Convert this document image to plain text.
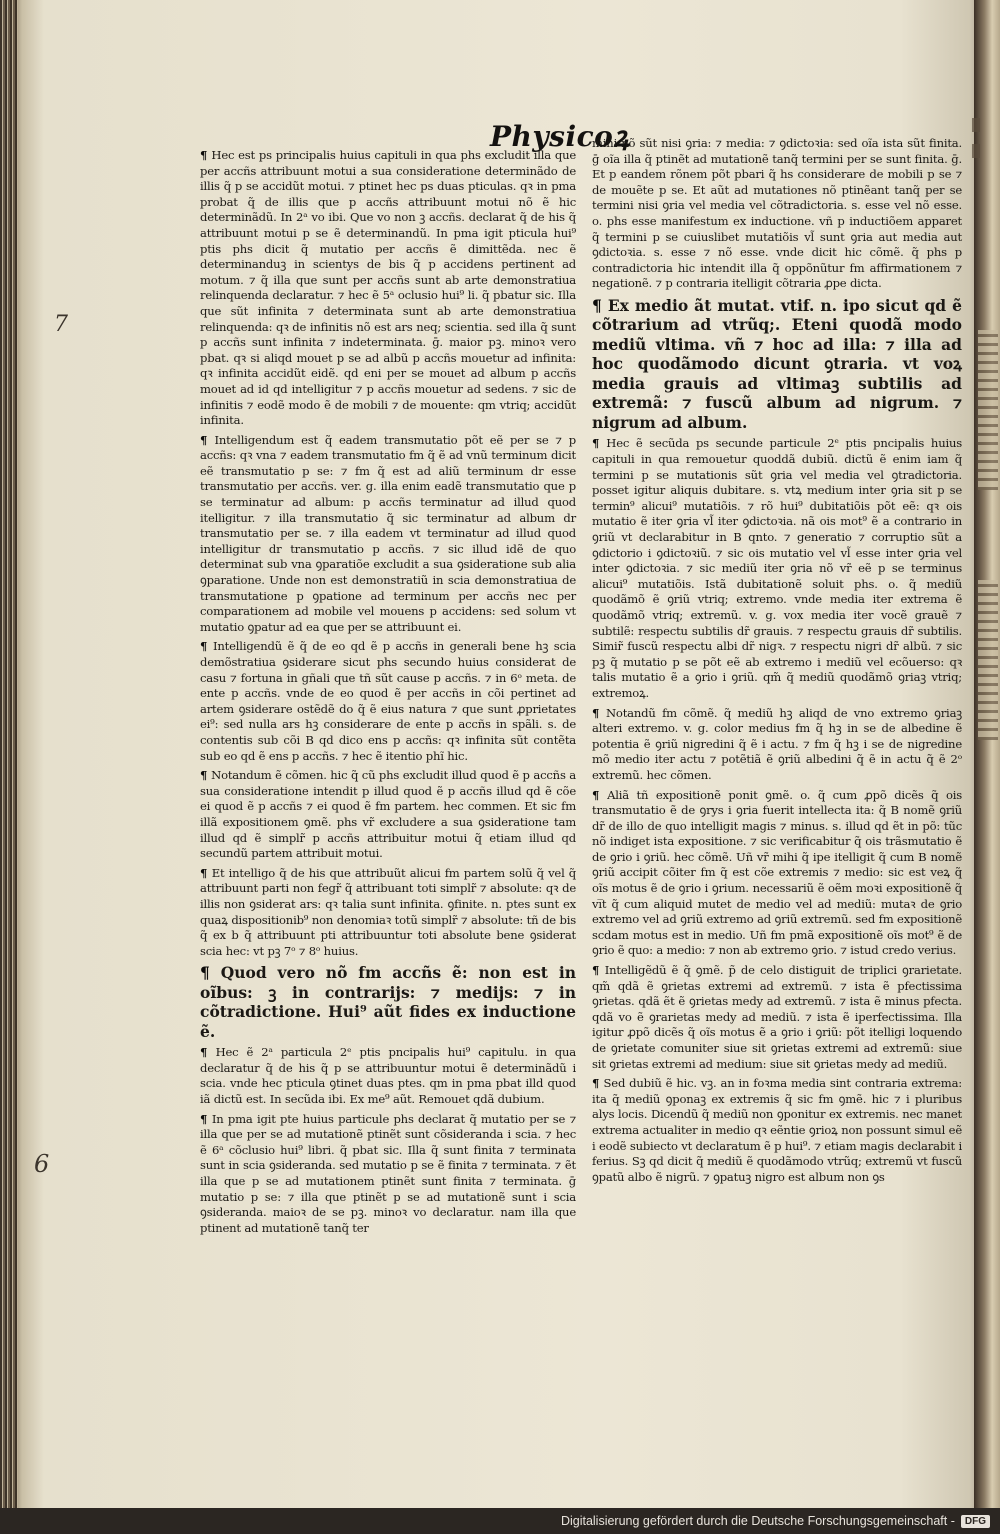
Physicoꝝ
7
6

¶ Hec est ps principalis huius capituli in qua phs excludit illa que per accñs attribuunt motui a sua consideratione determinãdo de illis q̃ p se accidũt motui. ⁊ ptinet hec ps duas pticulas. qꝛ in pma probat q̃ de illis que p accñs attribuunt motui nõ ẽ hic determinãdũ. In 2ᵃ vo ibi. Que vo non ꝫ accñs. declarat q̃ de his q̃ attribuunt motui p se ẽ determinandũ. In pma igit pticula hui⁹ ptis phs dicit q̃ mutatio per accñs ẽ dimittẽda. nec ẽ determinanduꝫ in scientys de bis q̃ p accidens pertinent ad motum. ⁊ q̃ illa que sunt per accñs sunt ab arte demonstratiua relinquenda declaratur. ⁊ hec ẽ 5ᵃ oclusio hui⁹ li. q̃ pbatur sic. Illa que sũt infinita ⁊ determinata sunt ab arte demonstratiua relinquenda: qꝛ de infinitis nõ est ars neq; scientia. sed illa q̃ sunt p accñs sunt infinita ⁊ indeterminata. ḡ. maior pꝫ. minoꝛ vero pbat. qꝛ si aliqd mouet p se ad albũ p accñs mouetur ad infinita: qꝛ infinita accidũt eidẽ. qd eni per se mouet ad album p accñs mouet ad id qd intelligitur ⁊ p accñs mouetur ad sedens. ⁊ sic de infinitis ⁊ eodẽ modo ẽ de mobili ⁊ de mouente: qm vtriq; accidũt infinita.

¶ Intelligendum est q̃ eadem transmutatio põt eẽ per se ⁊ p accñs: qꝛ vna ⁊ eadem transmutatio fm q̃ ẽ ad vnũ terminum dicit eẽ transmutatio p se: ⁊ fm q̃ est ad aliũ terminum dr esse transmutatio per accñs. ver. g. illa enim eadẽ transmutatio que p se terminatur ad album: p accñs terminatur ad illud quod itelligitur. ⁊ illa transmutatio q̃ sic terminatur ad album dr transmutatio per se. ⁊ illa eadem vt terminatur ad illud quod intelligitur dr transmutatio p accñs. ⁊ sic illud idẽ de quo determinat sub vna ꝯparatiõe excludit a sua ꝯsideratione sub alia ꝯparatione. Unde non est demonstratiũ in scia demonstratiua de transmutatione p ꝯpatione ad terminum per accñs nec per comparationem ad mobile vel mouens p accidens: sed solum vt mutatio ꝯpatur ad ea que per se attribuunt ei.

¶ Intelligendũ ẽ q̃ de eo qd ẽ p accñs in generali bene hꝫ scia demõstratiua ꝯsiderare sicut phs secundo huius considerat de casu ⁊ fortuna in gñali que tñ sũt cause p accñs. ⁊ in 6ᵒ meta. de ente p accñs. vnde de eo quod ẽ per accñs in cõi pertinet ad artem ꝯsiderare ostẽdẽ do q̃ ẽ eius natura ⁊ que sunt ꝓprietates ei⁹: sed nulla ars hꝫ considerare de ente p accñs in spãli. s. de contentis sub cõi B qd dico ens p accñs: qꝛ infinita sũt contẽta sub eo qd ẽ ens p accñs. ⁊ hec ẽ itentio phĩ hic.

¶ Notandum ẽ cõmen. hic q̃ cũ phs excludit illud quod ẽ p accñs a sua consideratione intendit p illud quod ẽ p accñs illud qd ẽ cõe ei quod ẽ p accñs ⁊ ei quod ẽ fm partem. hec commen. Et sic fm illã expositionem ꝯmẽ. phs vr̃ excludere a sua ꝯsideratione tam illud qd ẽ simplr̃ p accñs attribuitur motui q̃ etiam illud qd secundũ partem attribuit motui.

¶ Et intelligo q̃ de his que attribuũt alicui fm partem solũ q̃ vel q̃ attribuunt parti non fegr̃ q̃ attribuant toti simplr̃ ⁊ absolute: qꝛ de illis non ꝯsiderat ars: qꝛ talia sunt infinita. ꝯfinite. n. ptes sunt ex quaꝝ dispositionib⁹ non denomiaꝛ totũ simplr̃ ⁊ absolute: tñ de bis q̃ ex b q̃ attribuunt pti attribuuntur toti absolute bene ꝯsiderat scia hec: vt pꝫ 7ᵒ ⁊ 8ᵒ huius.

¶ Quod vero nõ fm accñs ẽ: non est in oĩbus: ꝫ in contrarijs: ⁊ medijs: ⁊ in cõtradictione. Hui⁹ aũt fides ex inductione ẽ.

¶ Hec ẽ 2ᵃ particula 2ᵉ ptis pncipalis hui⁹ capitulu. in qua declaratur q̃ de his q̃ p se attribuuntur motui ẽ determinãdũ i scia. vnde hec pticula ꝯtinet duas ptes. qm in pma pbat illd quod iã dictũ est. In secũda ibi. Ex me⁹ aũt. Remouet qdã dubium.

¶ In pma igit pte huius particule phs declarat q̃ mutatio per se ⁊ illa que per se ad mutationẽ ptinẽt sunt cõsideranda i scia. ⁊ hec ẽ 6ᵃ cõclusio hui⁹ libri. q̃ pbat sic. Illa q̃ sunt finita ⁊ terminata sunt in scia ꝯsideranda. sed mutatio p se ẽ finita ⁊ terminata. ⁊ ẽt illa que p se ad mutationem ptinẽt sunt finita ⁊ terminata. ḡ mutatio p se: ⁊ illa que ptinẽt p se ad mutationẽ sunt i scia ꝯsideranda. maioꝛ de se pꝫ. minoꝛ vo declaratur. nam illa que ptinent ad mutationẽ tanq̃ ter

mini nõ sũt nisi ꝯria: ⁊ media: ⁊ ꝯdictoꝛia: sed oĩa ista sũt finita. ḡ oĩa illa q̃ ptinẽt ad mutationẽ tanq̃ termini per se sunt finita. ḡ. Et p eandem rõnem põt pbari q̃ hs considerare de mobili p se ⁊ de mouẽte p se. Et aũt ad mutationes nõ ptinẽant tanq̃ per se termini nisi ꝯria vel media vel cõtradictoria. s. esse vel nõ esse. o. phs esse manifestum ex inductione. vñ p inductiõem apparet q̃ termini p se cuiuslibet mutatiõis vl̃ sunt ꝯria aut media aut ꝯdictoꝛia. s. esse ⁊ nõ esse. vnde dicit hic cõmẽ. q̃ phs p contradictoria hic intendit illa q̃ oppõnũtur fm affirmationem ⁊ negationẽ. ⁊ p contraria itelligit cõtraria ꝓpe dicta.

¶ Ex medio ãt mutat. vtif. n. ipo sicut qd ẽ cõtrarium ad vtrũq;. Eteni quodã modo mediũ vltima. vñ ⁊ hoc ad illa: ⁊ illa ad hoc quodãmodo dicunt ꝯtraria. vt voꝝ media grauis ad vltimaꝫ subtilis ad extremã: ⁊ fuscũ album ad nigrum. ⁊ nigrum ad album.

¶ Hec ẽ secũda ps secunde particule 2ᵉ ptis pncipalis huius capituli in qua remouetur quoddã dubiũ. dictũ ẽ enim iam q̃ termini p se mutationis sũt ꝯria vel media vel ꝯtradictoria. posset igitur aliquis dubitare. s. vtꝝ medium inter ꝯria sit p se termin⁹ alicui⁹ mutatiõis. ⁊ rõ hui⁹ dubitatiõis põt eẽ: qꝛ ois mutatio ẽ iter ꝯria vl̃ iter ꝯdictoꝛia. nã ois mot⁹ ẽ a contrario in ꝯriũ vt declarabitur in B qnto. ⁊ generatio ⁊ corruptio sũt a ꝯdictorio i ꝯdictoꝛiũ. ⁊ sic ois mutatio vel vl̃ esse inter ꝯria vel inter ꝯdictoꝛia. ⁊ sic mediũ iter ꝯria nõ vr̃ eẽ p se terminus alicui⁹ mutatiõis. Istã dubitationẽ soluit phs. o. q̃ mediũ quodãmõ ẽ ꝯriũ vtriq; extremo. vnde media iter extrema ẽ quodãmõ vtriq; extremũ. v. g. vox media iter vocẽ grauẽ ⁊ subtilẽ: respectu subtilis dr̃ grauis. ⁊ respectu grauis dr̃ subtilis. Simir̃ fuscũ respectu albi dr̃ nigꝛ. ⁊ respectu nigri dr̃ albũ. ⁊ sic pꝫ q̃ mutatio p se põt eẽ ab extremo i mediũ vel ecõuerso: qꝛ talis mutatio ẽ a ꝯrio i ꝯriũ. qm̃ q̃ mediũ quodãmõ ꝯriaꝫ vtriq; extremoꝝ.

¶ Notandũ fm cõmẽ. q̃ mediũ hꝫ aliqd de vno extremo ꝯriaꝫ alteri extremo. v. g. color medius fm q̃ hꝫ in se de albedine ẽ potentia ẽ ꝯriũ nigredini q̃ ẽ i actu. ⁊ fm q̃ hꝫ i se de nigredine mõ medio iter actu ⁊ potẽtiã ẽ ꝯriũ albedini q̃ ẽ in actu q̃ ẽ 2ᵒ extremũ. hec cõmen.

¶ Aliã tñ expositionẽ ponit ꝯmẽ. o. q̃ cum ꝓpõ dicẽs q̃ ois transmutatio ẽ de ꝯrys i ꝯria fuerit intellecta ita: q̃ B nomẽ ꝯriũ dr̃ de illo de quo intelligit magis ⁊ minus. s. illud qd ẽt in põ: tũc nõ indiget ista expositione. ⁊ sic verificabitur q̃ ois trãsmutatio ẽ de ꝯrio i ꝯriũ. hec cõmẽ. Uñ vr̃ mihi q̃ ipe itelligit q̃ cum B nomẽ ꝯriũ accipit cõiter fm q̃ est cõe extremis ⁊ medio: sic est veꝝ q̃ oĩs motus ẽ de ꝯrio i ꝯrium. necessariũ ẽ oẽm moꝛi expositionẽ q̃ vi̅t q̃ cum aliquid mutet de medio vel ad mediũ: mutaꝛ de ꝯrio extremo vel ad ꝯriũ extremo ad ꝯriũ extremũ. sed fm expositionẽ scdam motus est in medio. Uñ fm pmã expositionẽ oĩs mot⁹ ẽ de ꝯrio ẽ quo: a medio: ⁊ non ab extremo ꝯrio. ⁊ istud credo verius.

¶ Intelligẽdũ ẽ q̃ ꝯmẽ. p̃ de celo distiguit de triplici ꝯrarietate. qm̃ qdã ẽ ꝯrietas extremi ad extremũ. ⁊ ista ẽ pfectissima ꝯrietas. qdã ẽt ẽ ꝯrietas medy ad extremũ. ⁊ ista ẽ minus pfecta. qdã vo ẽ ꝯrarietas medy ad mediũ. ⁊ ista ẽ iperfectissima. Illa igitur ꝓpõ dicẽs q̃ oĩs motus ẽ a ꝯrio i ꝯriũ: põt itelligi loquendo de ꝯrietate comuniter siue sit ꝯrietas extremi ad extremũ: siue sit ꝯrietas extremi ad medium: siue sit ꝯrietas medy ad mediũ.

¶ Sed dubiũ ẽ hic. vꝫ. an in foꝛma media sint contraria extrema: ita q̃ mediũ ꝯponaꝫ ex extremis q̃ sic fm ꝯmẽ. hic ⁊ i pluribus alys locis. Dicendũ q̃ mediũ non ꝯponitur ex extremis. nec manet extrema actualiter in medio qꝛ eẽntie ꝯrioꝝ non possunt simul eẽ i eodẽ subiecto vt declaratum ẽ p hui⁹. ⁊ etiam magis declarabit i ferius. Sꝫ qd dicit q̃ mediũ ẽ quodãmodo vtrũq; extremũ vt fuscũ ꝯpatũ albo ẽ nigrũ. ⁊ ꝯpatuꝫ nigro est album non ꝯs

Digitalisierung gefördert durch die Deutsche Forschungsgemeinschaft -	DFG
